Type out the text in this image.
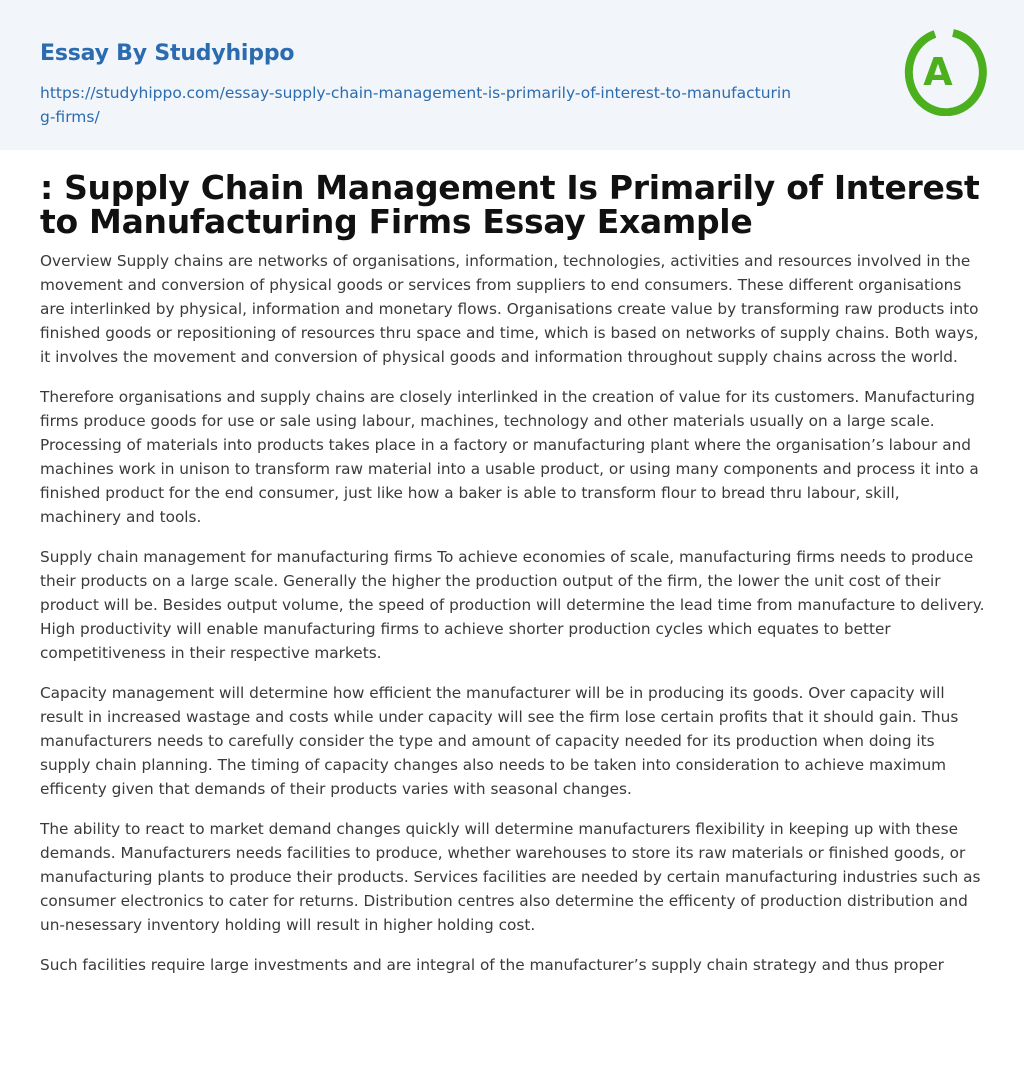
Essay By Studyhippo
https://studyhippo.com/essay-supply-chain-management-is-primarily-of-interest-to-manufacturing-firms/
A
: Supply Chain Management Is Primarily of Interest to Manufacturing Firms Essay Example

Overview Supply chains are networks of organisations, information, technologies, activities and resources involved in the movement and conversion of physical goods or services from suppliers to end consumers. These different organisations are interlinked by physical, information and monetary flows. Organisations create value by transforming raw products into finished goods or repositioning of resources thru space and time, which is based on networks of supply chains. Both ways, it involves the movement and conversion of physical goods and information throughout supply chains across the world.

Therefore organisations and supply chains are closely interlinked in the creation of value for its customers. Manufacturing firms produce goods for use or sale using labour, machines, technology and other materials usually on a large scale. Processing of materials into products takes place in a factory or manufacturing plant where the organisation’s labour and machines work in unison to transform raw material into a usable product, or using many components and process it into a finished product for the end consumer, just like how a baker is able to transform flour to bread thru labour, skill, machinery and tools.

Supply chain management for manufacturing firms To achieve economies of scale, manufacturing firms needs to produce their products on a large scale. Generally the higher the production output of the firm, the lower the unit cost of their product will be. Besides output volume, the speed of production will determine the lead time from manufacture to delivery. High productivity will enable manufacturing firms to achieve shorter production cycles which equates to better competitiveness in their respective markets.

Capacity management will determine how efficient the manufacturer will be in producing its goods. Over capacity will result in increased wastage and costs while under capacity will see the firm lose certain profits that it should gain. Thus manufacturers needs to carefully consider the type and amount of capacity needed for its production when doing its supply chain planning. The timing of capacity changes also needs to be taken into consideration to achieve maximum efficenty given that demands of their products varies with seasonal changes.

The ability to react to market demand changes quickly will determine manufacturers flexibility in keeping up with these demands. Manufacturers needs facilities to produce, whether warehouses to store its raw materials or finished goods, or manufacturing plants to produce their products. Services facilities are needed by certain manufacturing industries such as consumer electronics to cater for returns. Distribution centres also determine the efficenty of production distribution and un-nesessary inventory holding will result in higher holding cost.

Such facilities require large investments and are integral of the manufacturer’s supply chain strategy and thus proper
